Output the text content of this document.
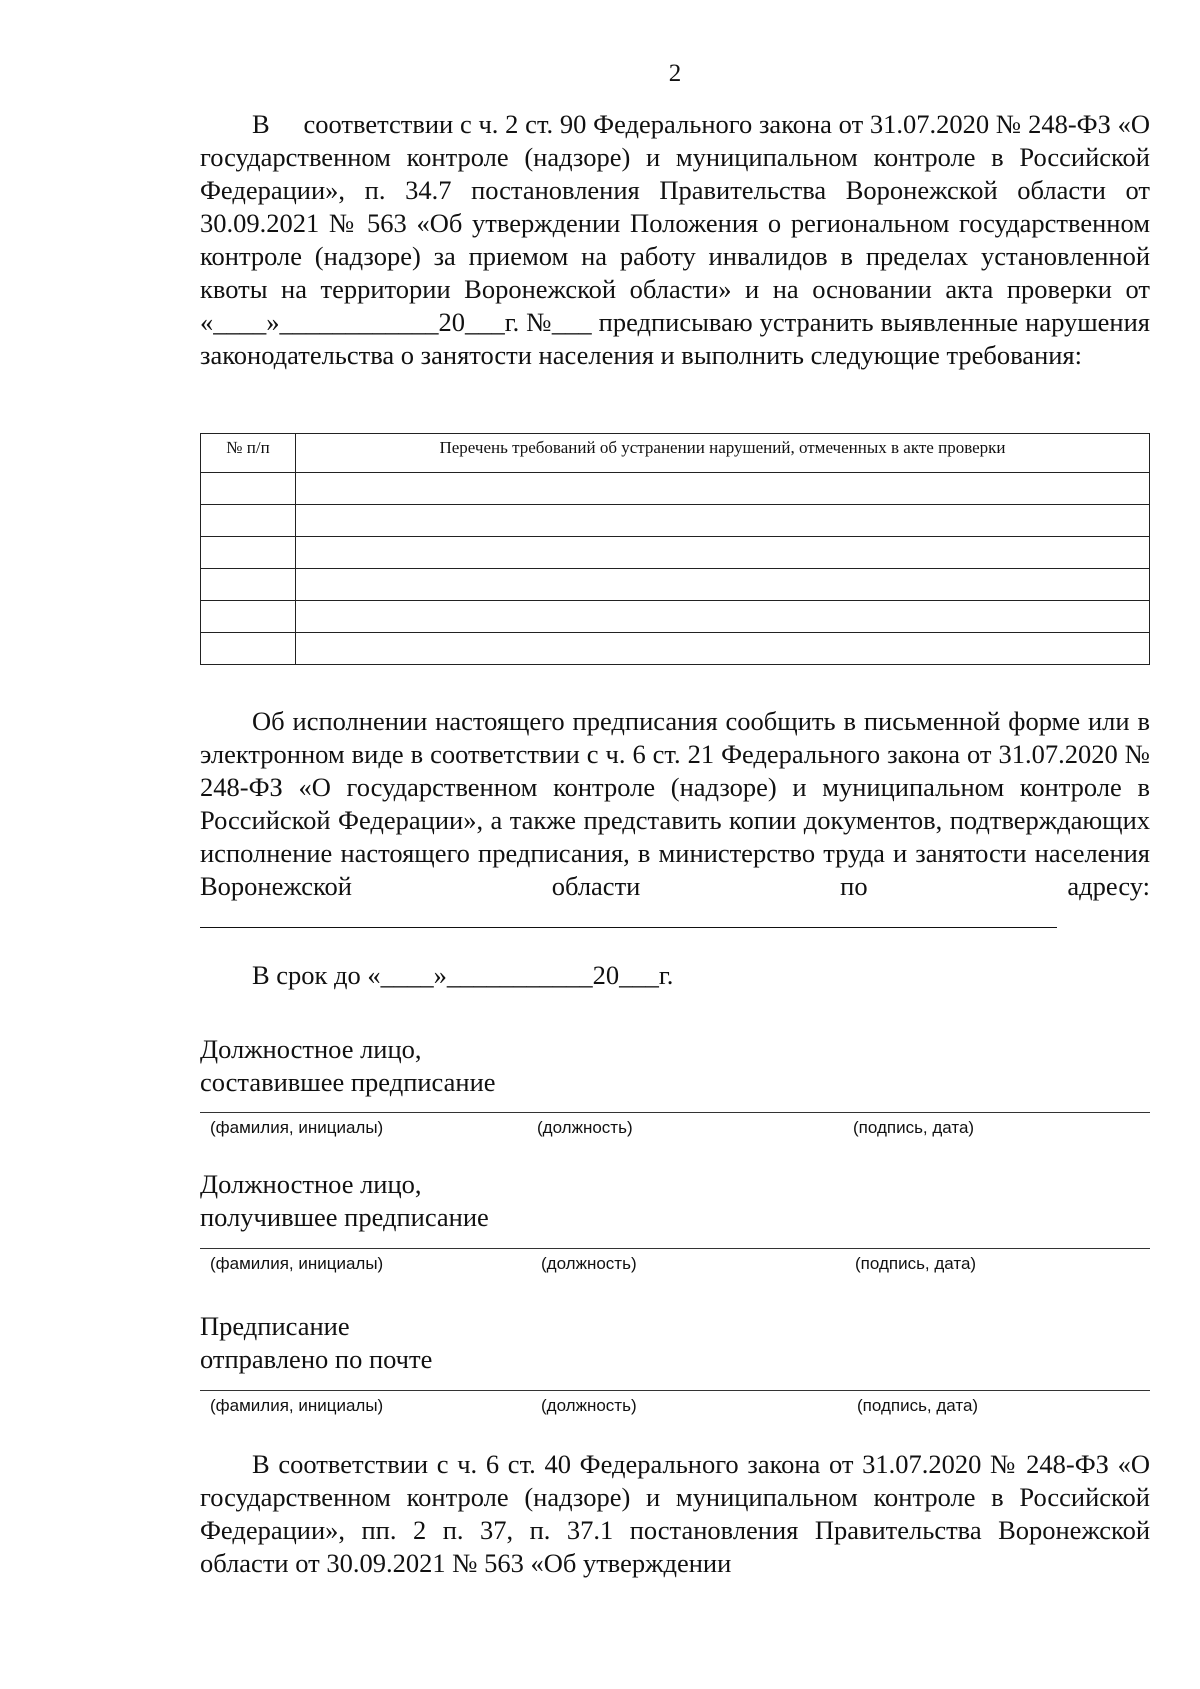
2

В соответствии с ч. 2 ст. 90 Федерального закона от 31.07.2020 № 248-ФЗ «О государственном контроле (надзоре) и муниципальном контроле в Российской Федерации», п. 34.7 постановления Правительства Воронежской области от 30.09.2021 № 563 «Об утверждении Положения о региональном государственном контроле (надзоре) за приемом на работу инвалидов в пределах установленной квоты на территории Воронежской области» и на основании акта проверки от «____»____________20___г. №___ предписываю устранить выявленные нарушения законодательства о занятости населения и выполнить следующие требования:

№ п/п	Перечень требований об устранении нарушений, отмеченных в акте проверки

Об исполнении настоящего предписания сообщить в письменной форме или в электронном виде в соответствии с ч. 6 ст. 21 Федерального закона от 31.07.2020 № 248-ФЗ «О государственном контроле (надзоре) и муниципальном контроле в Российской Федерации», а также представить копии документов, подтверждающих исполнение настоящего предписания, в министерство труда и занятости населения Воронежской области по	адресу:

В срок до «____»___________20___г.
Должностное лицо,
составившее предписание
(фамилия, инициалы)	(должность)	(подпись, дата)
Должностное лицо,
получившее предписание
(фамилия, инициалы)	(должность)	(подпись, дата)
Предписание
отправлено по почте
(фамилия, инициалы)	(должность)	(подпись, дата)

В соответствии с ч. 6 ст. 40 Федерального закона от 31.07.2020 № 248-ФЗ «О государственном контроле (надзоре) и муниципальном контроле в Российской Федерации», пп. 2 п. 37, п. 37.1 постановления Правительства Воронежской области от 30.09.2021 № 563 «Об утверждении
